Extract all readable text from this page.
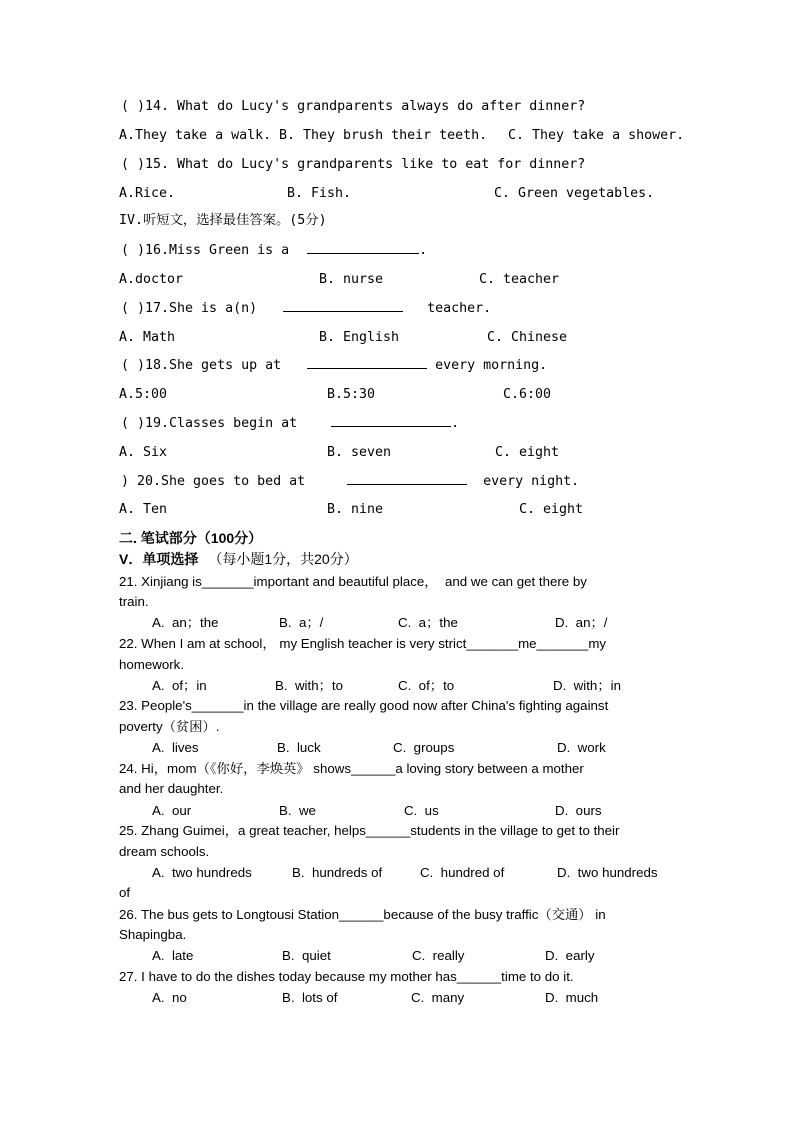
( )14. What do Lucy's grandparents always do after dinner?
A.They take a walk. B. They brush their teeth. C. They take a shower.
( )15. What do Lucy's grandparents like to eat for dinner?
A.Rice.	B. Fish.	C. Green vegetables.
IV.听短文，选择最佳答案。(5分)
( )16.Miss Green is a	.
A.doctor	B. nurse	C. teacher
( )17.She is a(n)	teacher.
A. Math	B. English	C. Chinese
( )18.She gets up at	every morning.
A.5:00	B.5:30	C.6:00
( )19.Classes begin at	.
A. Six	B. seven	C. eight
) 20.She goes to bed at	every night.
A. Ten	B. nine	C. eight
二. 笔试部分（100分）
V．单项选择 （每小题1分，共20分）
21. Xinjiang is_______important and beautiful place，  and we can get there by
train.
A.  an；the	B.  a；/	C.  a；the	D.  an；/
22. When I am at school， my English teacher is very strict_______me_______my
homework.
A.  of；in	B.  with；to	C.  of；to	D.  with；in
23. People's_______in the village are really good now after China's fighting against
poverty（贫困）.
A.  lives	B.  luck	C.  groups	D.  work
24. Hi，mom（《你好，李焕英》 shows______a loving story between a mother
and her daughter.
A.  our	B.  we	C.  us	D.  ours
25. Zhang Guimei，a great teacher, helps______students in the village to get to their
dream schools.
A.  two hundreds	B.  hundreds of	C.  hundred of	D.  two hundreds
of
26. The bus gets to Longtousi Station______because of the busy traffic（交通） in
Shapingba.
A.  late	B.  quiet	C.  really	D.  early
27. I have to do the dishes today because my mother has______time to do it.
A.  no	B.  lots of	C.  many	D.  much
